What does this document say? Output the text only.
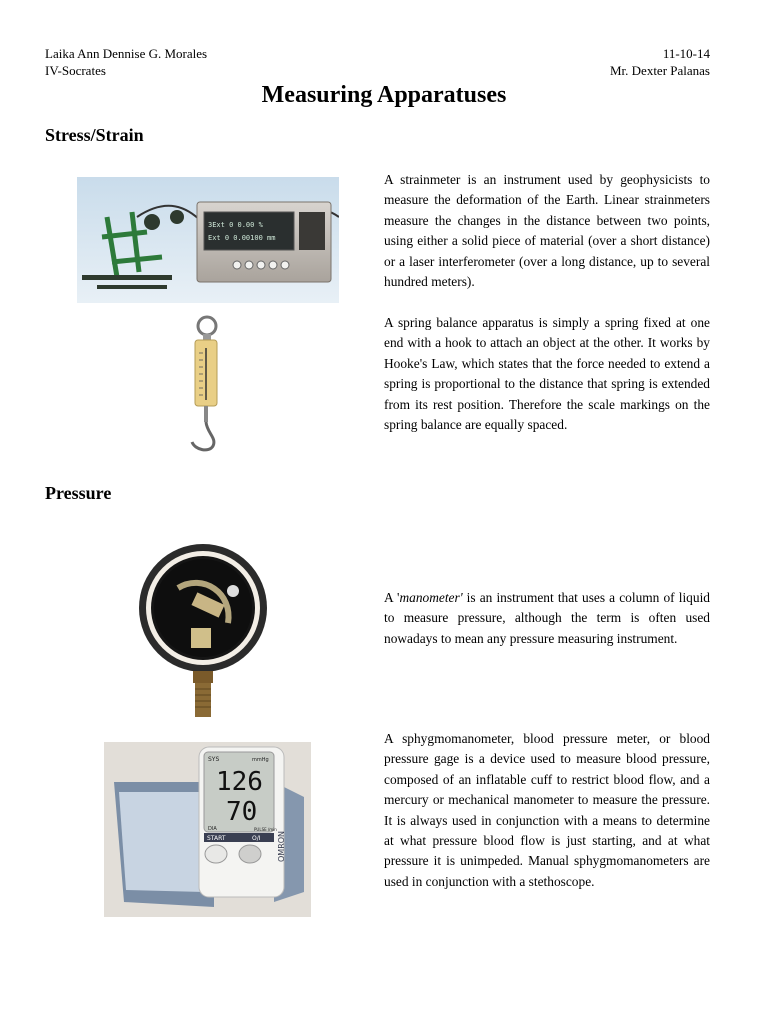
Laika Ann Dennise G. Morales	11-10-14
IV-Socrates	Mr. Dexter Palanas
Measuring Apparatuses
Stress/Strain
A strainmeter is an instrument used by geophysicists to measure the deformation of the Earth. Linear strainmeters measure the changes in the distance between two points, using either a solid piece of material (over a short distance) or a laser interferometer (over a long distance, up to several hundred meters).
A spring balance apparatus is simply a spring fixed at one end with a hook to attach an object at the other. It works by Hooke's Law, which states that the force needed to extend a spring is proportional to the distance that spring is extended from its rest position. Therefore the scale markings on the spring balance are equally spaced.
3Ext 0 0.00 %
Ext 0 0.00100 mm
Pressure
A 'manometer' is an instrument that uses a column of liquid to measure pressure, although the term is often used nowadays to mean any pressure measuring instrument.
A sphygmomanometer, blood pressure meter, or blood pressure gage is a device used to measure blood pressure, composed of an inflatable cuff to restrict blood flow, and a mercury or mechanical manometer to measure the pressure. It is always used in conjunction with a means to determine at what pressure blood flow is just starting, and at what pressure it is unimpeded. Manual sphygmomanometers are used in conjunction with a stethoscope.
SYS	mmHg
126
70
DIA
START	O/I
PULSE /min
OMRON
